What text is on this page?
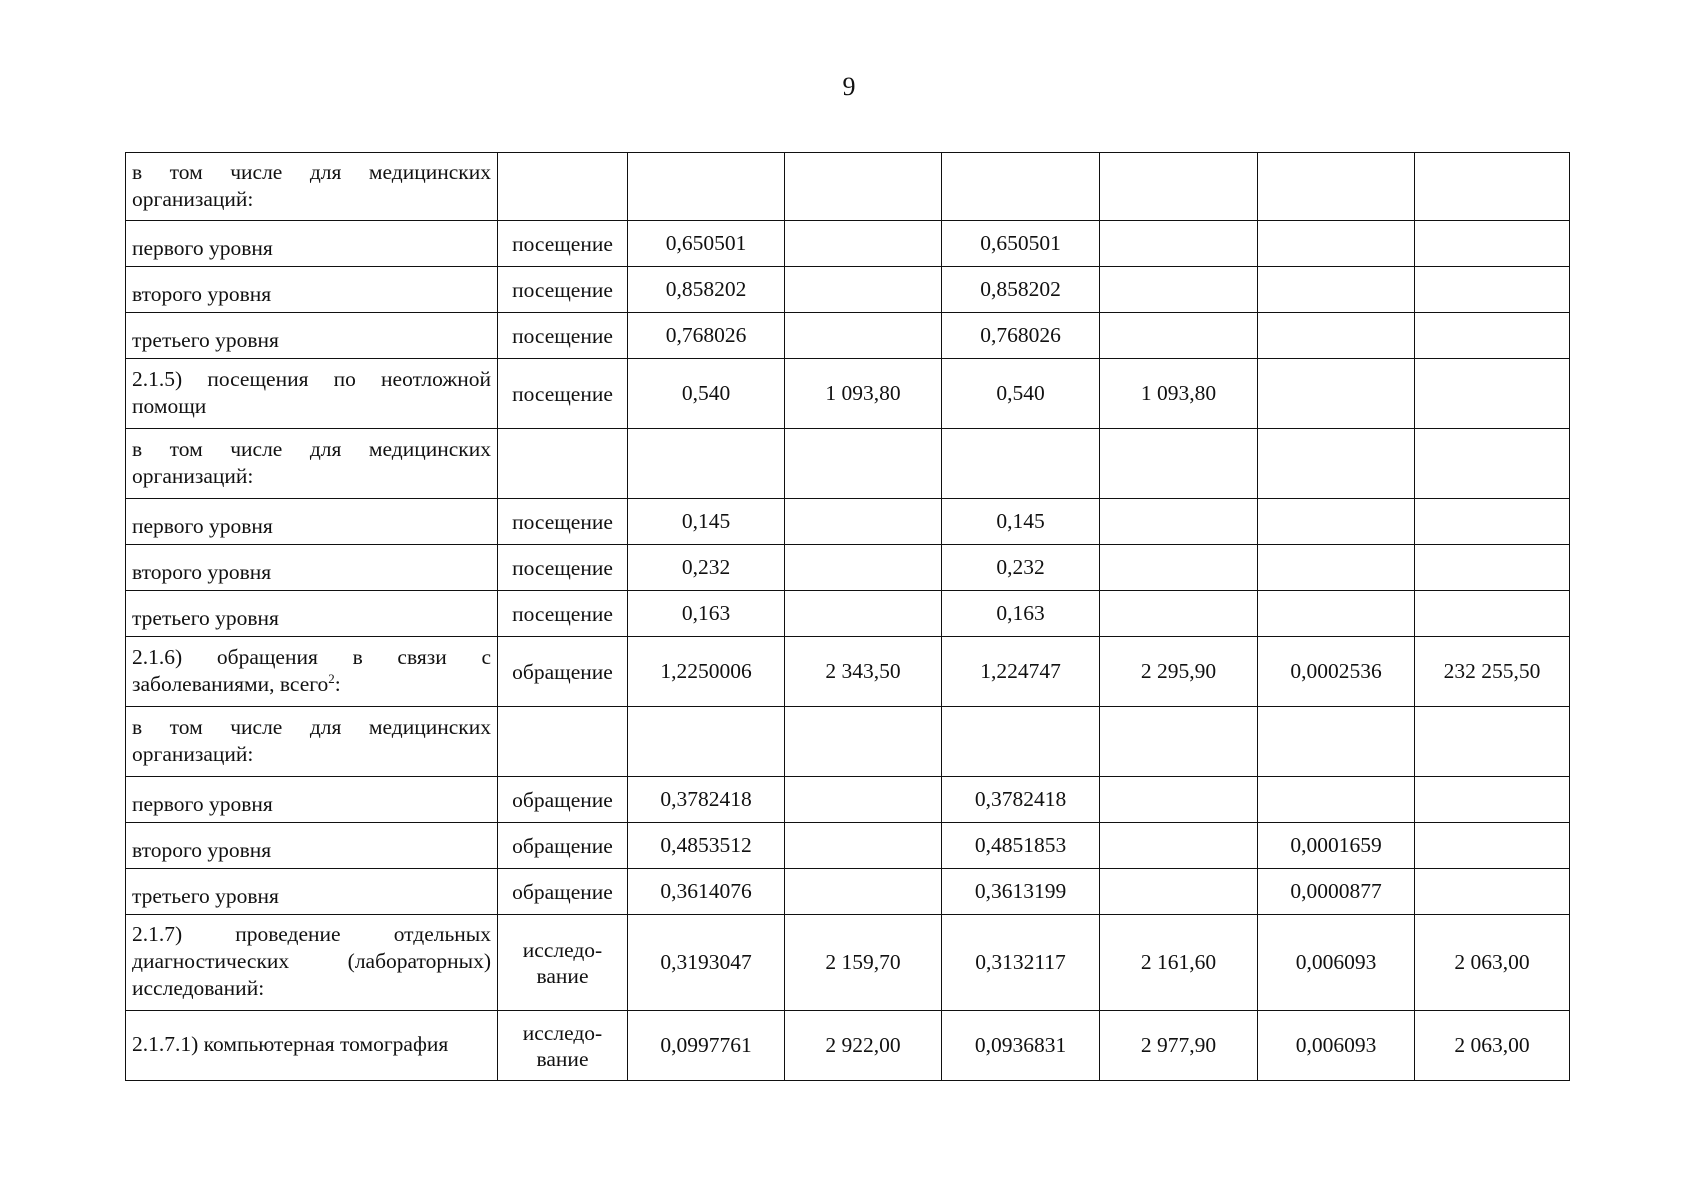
9
в том числе для медицинских организаций:							
первого уровня	посещение	0,650501		0,650501			
второго уровня	посещение	0,858202		0,858202			
третьего уровня	посещение	0,768026		0,768026			
2.1.5) посещения по неотложной помощи	посещение	0,540	1 093,80	0,540	1 093,80		
в том числе для медицинских организаций:							
первого уровня	посещение	0,145		0,145			
второго уровня	посещение	0,232		0,232			
третьего уровня	посещение	0,163		0,163			
2.1.6) обращения в связи с заболеваниями, всего$^2$:	обращение	1,2250006	2 343,50	1,224747	2 295,90	0,0002536	232 255,50
в том числе для медицинских организаций:							
первого уровня	обращение	0,3782418		0,3782418			
второго уровня	обращение	0,4853512		0,4851853		0,0001659	
третьего уровня	обращение	0,3614076		0,3613199		0,0000877	
2.1.7) проведение отдельных диагностических (лабораторных) исследований:	исследо-вание	0,3193047	2 159,70	0,3132117	2 161,60	0,006093	2 063,00
2.1.7.1) компьютерная томография	исследо-вание	0,0997761	2 922,00	0,0936831	2 977,90	0,006093	2 063,00
